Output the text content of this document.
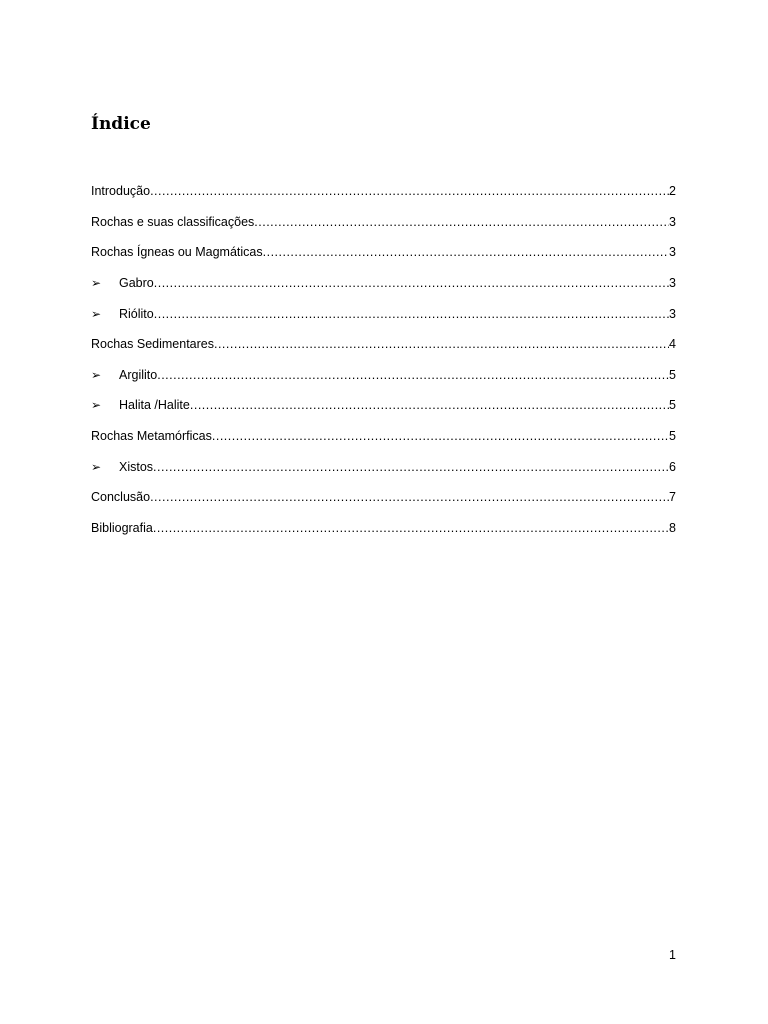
Índice
Introdução .....	2
Rochas e suas classificações .....	3
Rochas Ígneas ou Magmáticas .....	3
➢	Gabro .....	3
➢	Riólito .....	3
Rochas Sedimentares .....	4
➢	Argilito .....	5
➢	Halita /Halite .....	5
Rochas Metamórficas .....	5
➢	Xistos .....	6
Conclusão .....	7
Bibliografia .....	8
1
